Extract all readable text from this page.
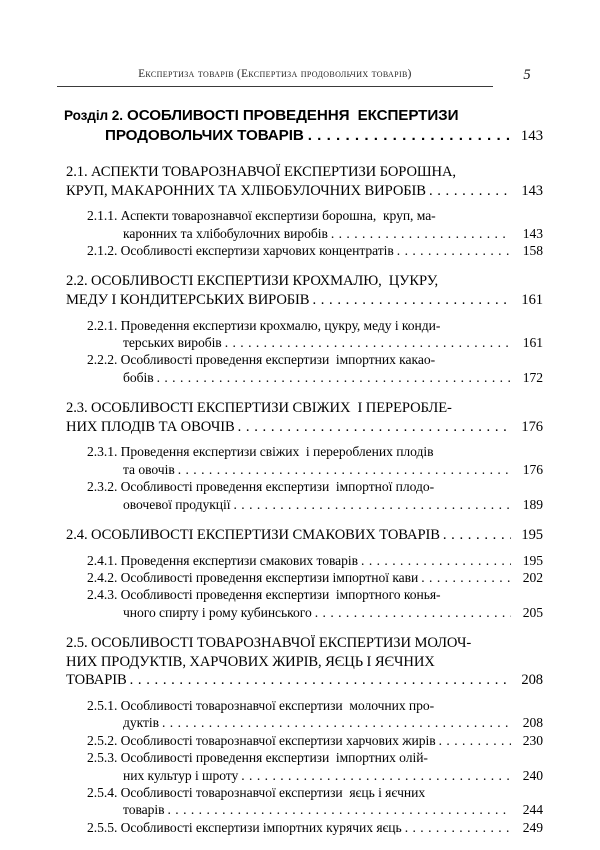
Експертиза товарів (Експертиза продовольчих товарів)	5
Розділ 2. ОСОБЛИВОСТІ ПРОВЕДЕННЯ  ЕКСПЕРТИЗИ
ПРОДОВОЛЬЧИХ ТОВАРІВ . . .	143
2.1. АСПЕКТИ ТОВАРОЗНАВЧОЇ ЕКСПЕРТИЗИ БОРОШНА,
КРУП, МАКАРОННИХ ТА ХЛІБОБУЛОЧНИХ ВИРОБІВ . . .	143
2.1.1. Аспекти товарознавчої експертизи борошна,  круп, ма-
каронних та хлібобулочних виробів . . .	143
2.1.2. Особливості експертизи харчових концентратів . . .	158
2.2. ОСОБЛИВОСТІ ЕКСПЕРТИЗИ КРОХМАЛЮ,  ЦУКРУ,
МЕДУ І КОНДИТЕРСЬКИХ ВИРОБІВ . . .	161
2.2.1. Проведення експертизи крохмалю, цукру, меду і конди-
терських виробів . . .	161
2.2.2. Особливості проведення експертизи  імпортних какао-
бобів . . .	172
2.3. ОСОБЛИВОСТІ ЕКСПЕРТИЗИ СВІЖИХ  І ПЕРЕРОБЛЕ-
НИХ ПЛОДІВ ТА ОВОЧІВ . . .	176
2.3.1. Проведення експертизи свіжих  і перероблених плодів
та овочів . . .	176
2.3.2. Особливості проведення експертизи  імпортної плодо-
овочевої продукції . . .	189
2.4. ОСОБЛИВОСТІ ЕКСПЕРТИЗИ СМАКОВИХ ТОВАРІВ . . .	195
2.4.1. Проведення експертизи смакових товарів . . .	195
2.4.2. Особливості проведення експертизи імпортної кави . . .	202
2.4.3. Особливості проведення експертизи  імпортного конья-
чного спирту і рому кубинського . . .	205
2.5. ОСОБЛИВОСТІ ТОВАРОЗНАВЧОЇ ЕКСПЕРТИЗИ МОЛОЧ-
НИХ ПРОДУКТІВ, ХАРЧОВИХ ЖИРІВ, ЯЄЦЬ І ЯЄЧНИХ
ТОВАРІВ . . .	208
2.5.1. Особливості товарознавчої експертизи  молочних про-
дуктів . . .	208
2.5.2. Особливості товарознавчої експертизи харчових жирів . . .	230
2.5.3. Особливості проведення експертизи  імпортних олій-
них культур і шроту . . .	240
2.5.4. Особливості товарознавчої експертизи  яєць і яєчних
товарів . . .	244
2.5.5. Особливості експертизи імпортних курячих яєць . . .	249
